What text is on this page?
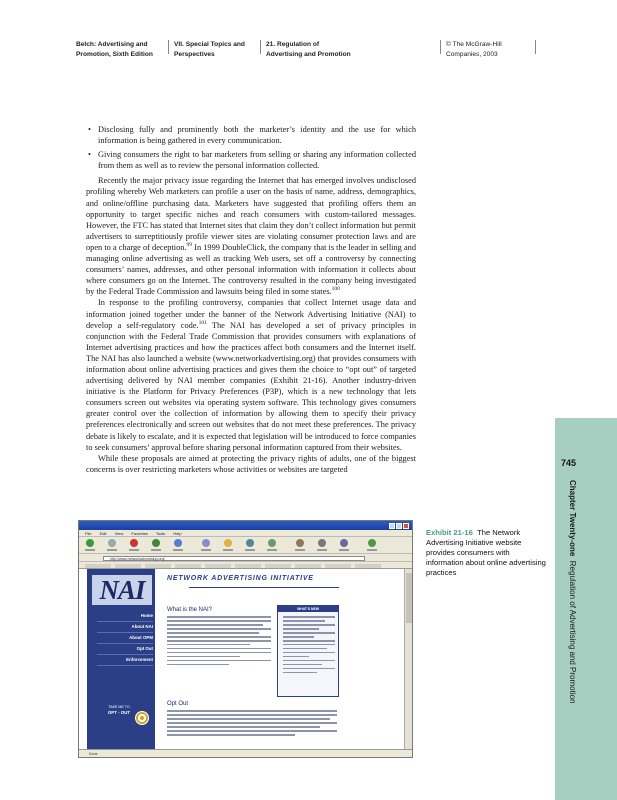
Belch: Advertising and
Promotion, Sixth Edition
VII. Special Topics and
Perspectives
21. Regulation of
Advertising and Promotion
© The McGraw-Hill
Companies, 2003
• Disclosing fully and prominently both the marketer’s identity and the use for which information is being gathered in every communication.
• Giving consumers the right to bar marketers from selling or sharing any information collected from them as well as to review the personal information collected.

Recently the major privacy issue regarding the Internet that has emerged involves undisclosed profiling whereby Web marketers can profile a user on the basis of name, address, demographics, and online/offline purchasing data. Marketers have suggested that profiling offers them an opportunity to target specific niches and reach consumers with custom-tailored messages. However, the FTC has stated that Internet sites that claim they don’t collect information but permit advertisers to surreptitiously profile viewer sites are violating consumer protection laws and are open to a charge of deception.$^{99}$ In 1999 DoubleClick, the company that is the leader in selling and managing online advertising as well as tracking Web users, set off a controversy by connecting consumers’ names, addresses, and other personal information with information it collects about where consumers go on the Internet. The controversy resulted in the company being investigated by the Federal Trade Commission and lawsuits being filed in some states.$^{100}$

In response to the profiling controversy, companies that collect Internet usage data and information joined together under the banner of the Network Advertising Initiative (NAI) to develop a self-regulatory code.$^{101}$ The NAI has developed a set of privacy principles in conjunction with the Federal Trade Commission that provides consumers with explanations of Internet advertising practices and how the practices affect both consumers and the Internet itself. The NAI has also launched a website (www.networkadvertising.org) that provides consumers with information about online advertising practices and gives them the choice to “opt out” of targeted advertising delivered by NAI member companies (Exhibit 21-16). Another industry-driven initiative is the Platform for Privacy Preferences (P3P), which is a new technology that lets consumers screen out websites via operating system software. This technology gives consumers greater control over the collection of information by allowing them to specify their privacy preferences electronically and screen out websites that do not meet these preferences. The privacy debate is likely to escalate, and it is expected that legislation will be introduced to force companies to seek consumers’ approval before sharing personal information captured from their websites.

While these proposals are aimed at protecting the privacy rights of adults, one of the biggest concerns is over restricting marketers whose activities or websites are targeted

745
Chapter Twenty-one  Regulation of Advertising and Promotion
Exhibit 21-16 The Network Advertising Initiative website provides consumers with information about online advertising practices
File Edit View Favorites Tools Help
http://www.networkadvertising.org/
NAI
Home
About NAI
About OPM
Opt Out
Enforcement
TAKE ME TO
OPT - OUT
NETWORK ADVERTISING INITIATIVE
What is the NAI?	WHAT'S NEW
Opt Out
Done
